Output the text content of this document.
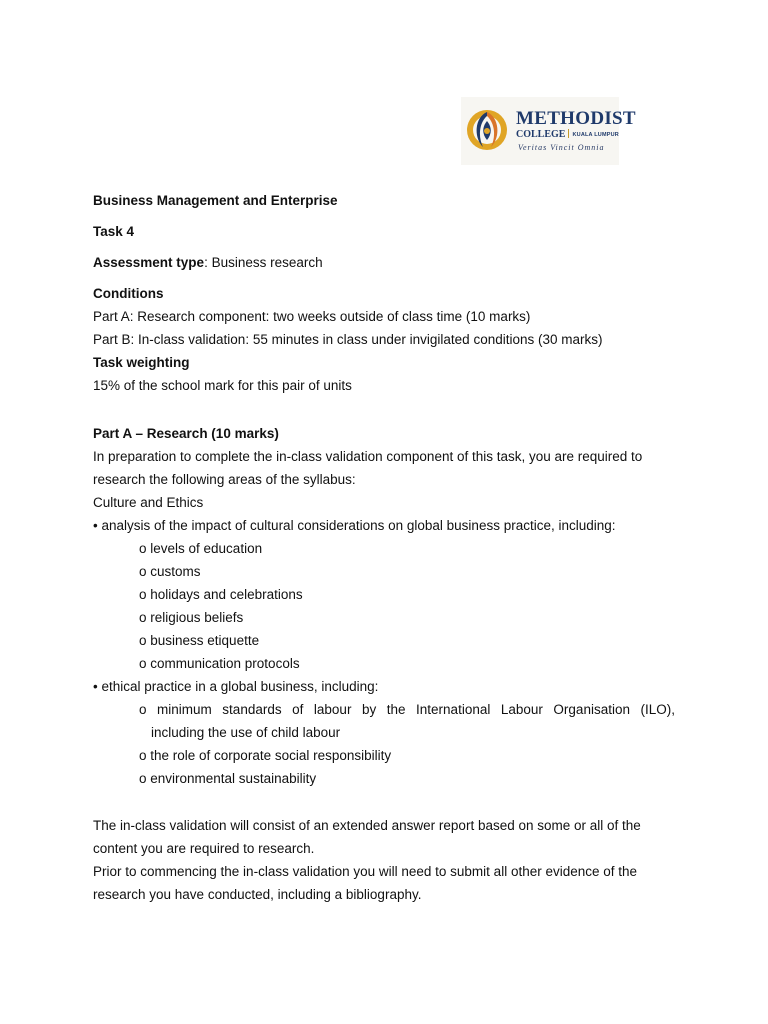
METHODIST
COLLEGE KUALA LUMPUR
Veritas Vincit Omnia
Business Management and Enterprise
Task 4
Assessment type: Business research
Conditions
Part A: Research component: two weeks outside of class time (10 marks)
Part B: In-class validation: 55 minutes in class under invigilated conditions (30 marks)
Task weighting
15% of the school mark for this pair of units
Part A – Research (10 marks)
In preparation to complete the in-class validation component of this task, you are required to
research the following areas of the syllabus:
Culture and Ethics
• analysis of the impact of cultural considerations on global business practice, including:
o levels of education
o customs
o holidays and celebrations
o religious beliefs
o business etiquette
o communication protocols
• ethical practice in a global business, including:
o minimum standards of labour by the International Labour Organisation (ILO),
including the use of child labour
o the role of corporate social responsibility
o environmental sustainability
The in-class validation will consist of an extended answer report based on some or all of the
content you are required to research.
Prior to commencing the in-class validation you will need to submit all other evidence of the
research you have conducted, including a bibliography.
